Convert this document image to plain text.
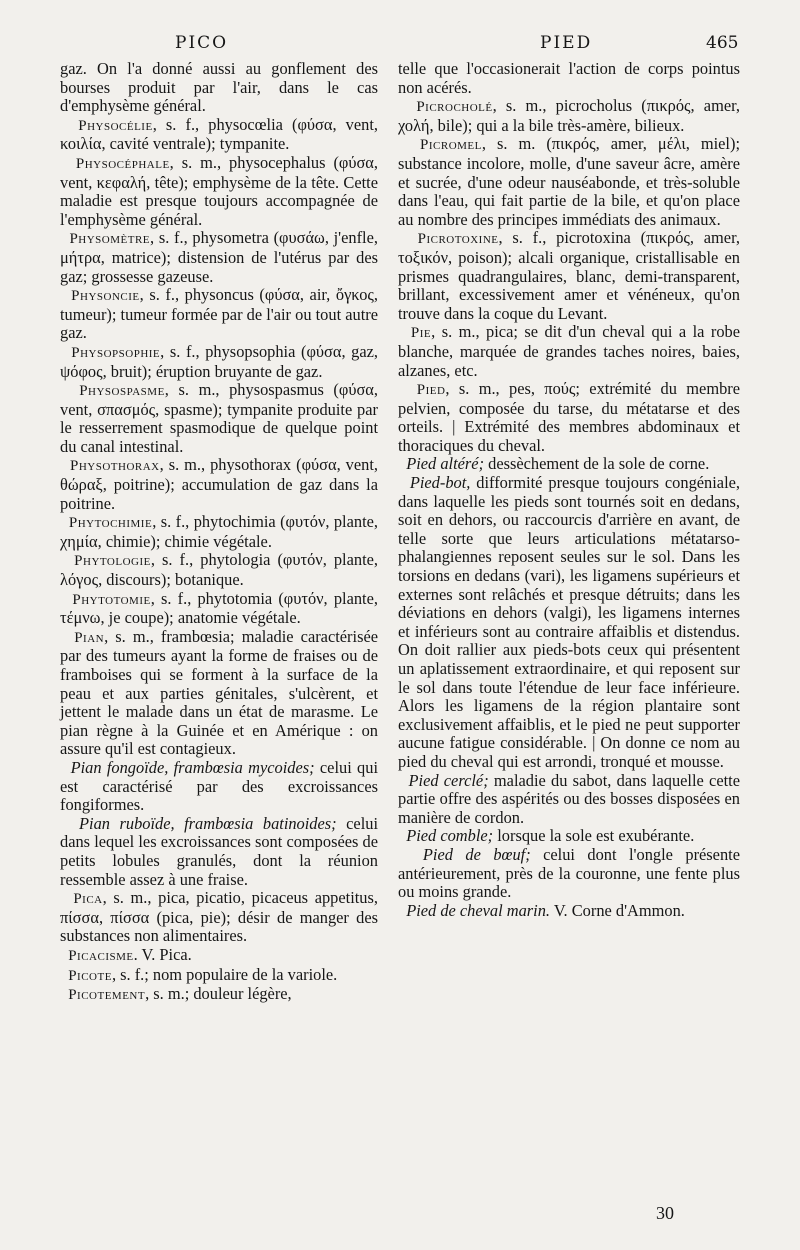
PICO	PIED	465

gaz. On l'a donné aussi au gonflement des bourses produit par l'air, dans le cas d'emphysème général.

Physocélie, s. f., physocœlia (φύσα, vent, κοιλία, cavité ventrale); tympanite.

Physocéphale, s. m., physocephalus (φύσα, vent, κεφαλή, tête); emphysème de la tête. Cette maladie est presque toujours accompagnée de l'emphysème général.

Physomètre, s. f., physometra (φυσάω, j'enfle, μήτρα, matrice); distension de l'utérus par des gaz; grossesse gazeuse.

Physoncie, s. f., physoncus (φύσα, air, ὄγκος, tumeur); tumeur formée par de l'air ou tout autre gaz.

Physopsophie, s. f., physopsophia (φύσα, gaz, ψόφος, bruit); éruption bruyante de gaz.

Physospasme, s. m., physospasmus (φύσα, vent, σπασμός, spasme); tympanite produite par le resserrement spasmodique de quelque point du canal intestinal.

Physothorax, s. m., physothorax (φύσα, vent, θώραξ, poitrine); accumulation de gaz dans la poitrine.

Phytochimie, s. f., phytochimia (φυτόν, plante, χημία, chimie); chimie végétale.

Phytologie, s. f., phytologia (φυτόν, plante, λόγος, discours); botanique.

Phytotomie, s. f., phytotomia (φυτόν, plante, τέμνω, je coupe); anatomie végétale.

Pian, s. m., frambœsia; maladie caractérisée par des tumeurs ayant la forme de fraises ou de framboises qui se forment à la surface de la peau et aux parties génitales, s'ulcèrent, et jettent le malade dans un état de marasme. Le pian règne à la Guinée et en Amérique : on assure qu'il est contagieux.

Pian fongoïde, frambœsia mycoides; celui qui est caractérisé par des excroissances fongiformes.

Pian ruboïde, frambœsia batinoides; celui dans lequel les excroissances sont composées de petits lobules granulés, dont la réunion ressemble assez à une fraise.

Pica, s. m., pica, picatio, picaceus appetitus, πίσσα, πίσσα (pica, pie); désir de manger des substances non alimentaires.

Picacisme. V. Pica.

Picote, s. f.; nom populaire de la variole.

Picotement, s. m.; douleur légère,

telle que l'occasionerait l'action de corps pointus non acérés.

Picrocholé, s. m., picrocholus (πικρός, amer, χολή, bile); qui a la bile très-amère, bilieux.

Picromel, s. m. (πικρός, amer, μέλι, miel); substance incolore, molle, d'une saveur âcre, amère et sucrée, d'une odeur nauséabonde, et très-soluble dans l'eau, qui fait partie de la bile, et qu'on place au nombre des principes immédiats des animaux.

Picrotoxine, s. f., picrotoxina (πικρός, amer, τοξικόν, poison); alcali organique, cristallisable en prismes quadrangulaires, blanc, demi-transparent, brillant, excessivement amer et vénéneux, qu'on trouve dans la coque du Levant.

Pie, s. m., pica; se dit d'un cheval qui a la robe blanche, marquée de grandes taches noires, baies, alzanes, etc.

Pied, s. m., pes, πούς; extrémité du membre pelvien, composée du tarse, du métatarse et des orteils. | Extrémité des membres abdominaux et thoraciques du cheval.

Pied altéré; dessèchement de la sole de corne.

Pied-bot, difformité presque toujours congéniale, dans laquelle les pieds sont tournés soit en dedans, soit en dehors, ou raccourcis d'arrière en avant, de telle sorte que leurs articulations métatarso-phalangiennes reposent seules sur le sol. Dans les torsions en dedans (vari), les ligamens supérieurs et externes sont relâchés et presque détruits; dans les déviations en dehors (valgi), les ligamens internes et inférieurs sont au contraire affaiblis et distendus. On doit rallier aux pieds-bots ceux qui présentent un aplatissement extraordinaire, et qui reposent sur le sol dans toute l'étendue de leur face inférieure. Alors les ligamens de la région plantaire sont exclusivement affaiblis, et le pied ne peut supporter aucune fatigue considérable. | On donne ce nom au pied du cheval qui est arrondi, tronqué et mousse.

Pied cerclé; maladie du sabot, dans laquelle cette partie offre des aspérités ou des bosses disposées en manière de cordon.

Pied comble; lorsque la sole est exubérante.

Pied de bœuf; celui dont l'ongle présente antérieurement, près de la couronne, une fente plus ou moins grande.

Pied de cheval marin. V. Corne d'Ammon.

30
